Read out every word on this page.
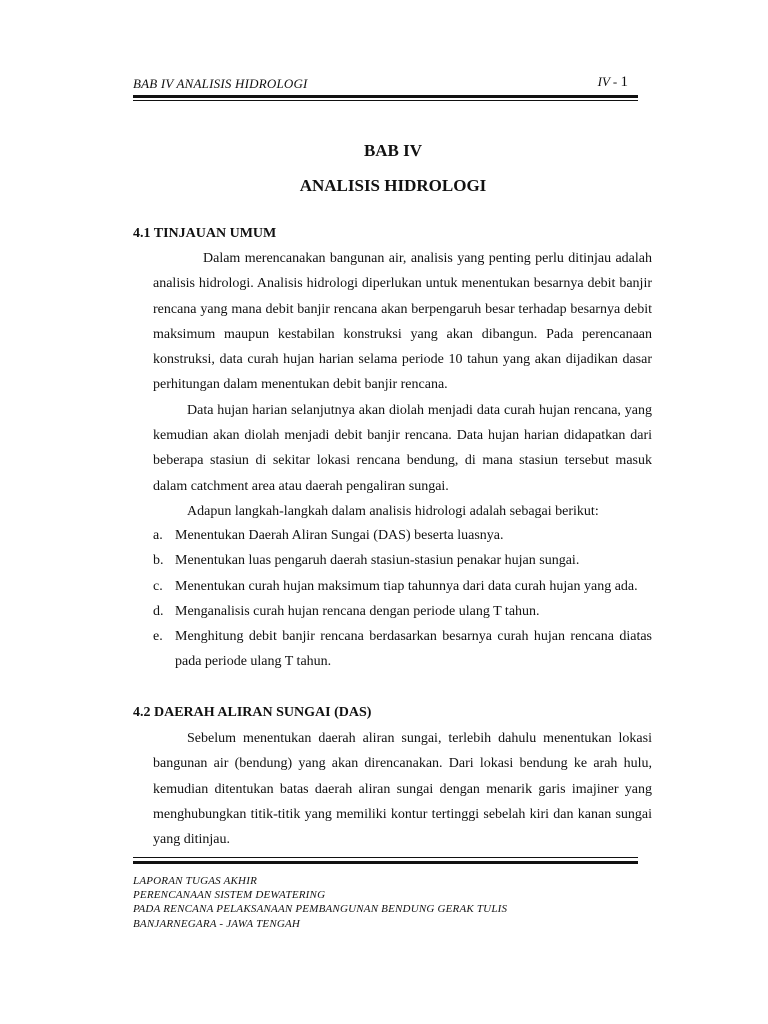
BAB IV ANALISIS HIDROLOGI	IV - 1
BAB IV
ANALISIS HIDROLOGI
4.1 TINJAUAN UMUM

Dalam merencanakan bangunan air, analisis yang penting perlu ditinjau adalah analisis hidrologi. Analisis hidrologi diperlukan untuk menentukan besarnya debit banjir rencana yang mana debit banjir rencana akan berpengaruh besar terhadap besarnya debit maksimum maupun kestabilan konstruksi yang akan dibangun. Pada perencanaan konstruksi, data curah hujan harian selama periode 10 tahun yang akan dijadikan dasar perhitungan dalam menentukan debit banjir rencana.

Data hujan harian selanjutnya akan diolah menjadi data curah hujan rencana, yang kemudian akan diolah menjadi debit banjir rencana. Data hujan harian didapatkan dari beberapa stasiun di sekitar lokasi rencana bendung, di mana stasiun tersebut masuk dalam catchment area atau daerah pengaliran sungai.

Adapun langkah-langkah dalam analisis hidrologi adalah sebagai berikut:

a. Menentukan Daerah Aliran Sungai (DAS) beserta luasnya.
b. Menentukan luas pengaruh daerah stasiun-stasiun penakar hujan sungai.
c. Menentukan curah hujan maksimum tiap tahunnya dari data curah hujan yang ada.
d. Menganalisis curah hujan rencana dengan periode ulang T tahun.
e. Menghitung debit banjir rencana berdasarkan besarnya curah hujan rencana diatas pada periode ulang T tahun.
4.2 DAERAH ALIRAN SUNGAI (DAS)

Sebelum menentukan daerah aliran sungai, terlebih dahulu menentukan lokasi bangunan air (bendung) yang akan direncanakan. Dari lokasi bendung ke arah hulu, kemudian ditentukan batas daerah aliran sungai dengan menarik garis imajiner yang menghubungkan titik-titik yang memiliki kontur tertinggi sebelah kiri dan kanan sungai yang ditinjau.

LAPORAN TUGAS AKHIR
PERENCANAAN SISTEM DEWATERING
PADA RENCANA PELAKSANAAN PEMBANGUNAN BENDUNG GERAK TULIS
BANJARNEGARA - JAWA TENGAH
